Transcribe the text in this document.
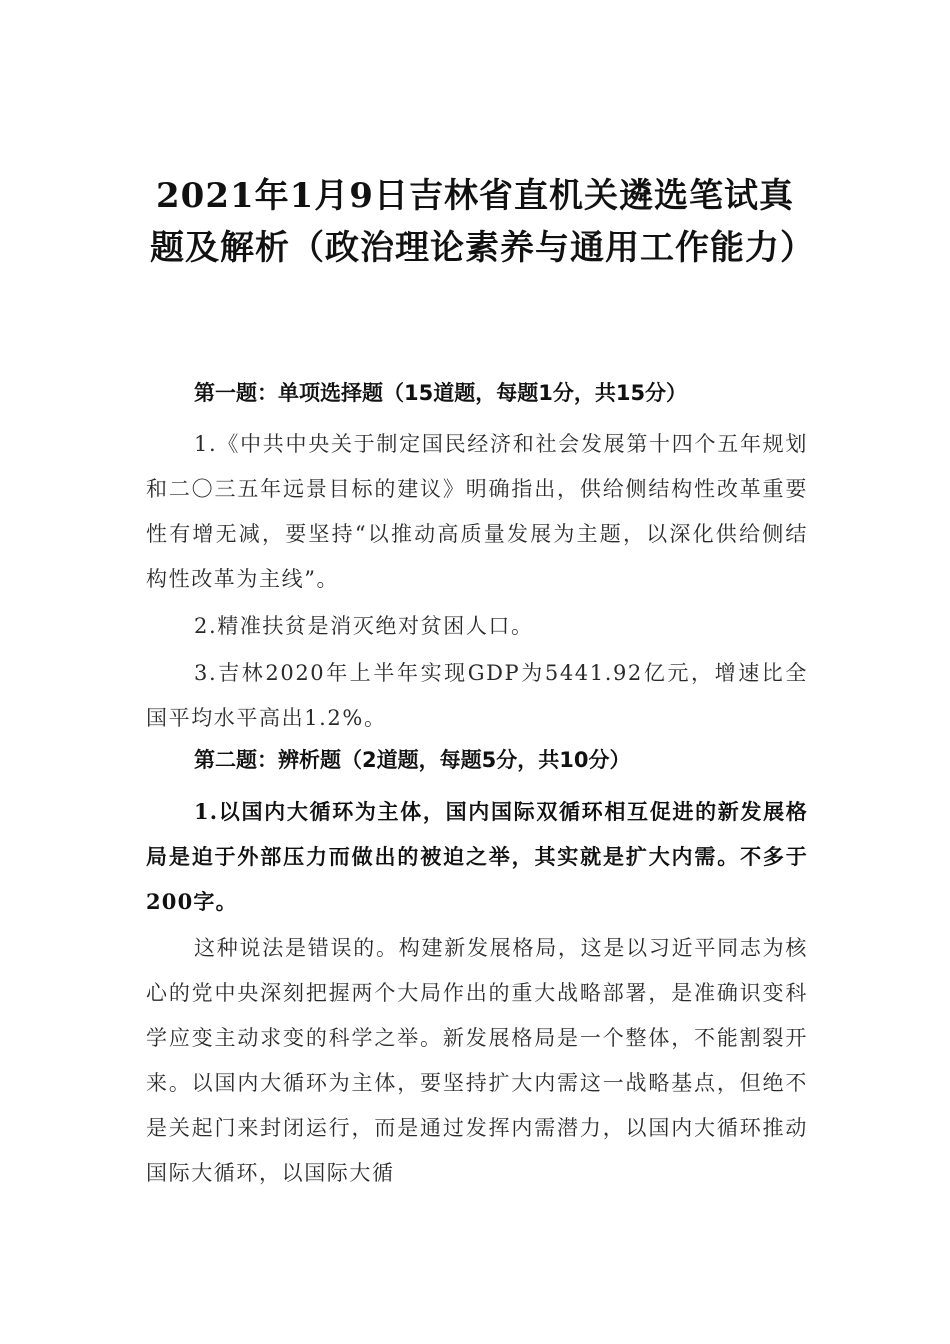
2021年1月9日吉林省直机关遴选笔试真题及解析（政治理论素养与通用工作能力）
第一题：单项选择题（15道题，每题1分，共15分）

1.《中共中央关于制定国民经济和社会发展第十四个五年规划和二〇三五年远景目标的建议》明确指出，供给侧结构性改革重要性有增无减，要坚持“以推动高质量发展为主题，以深化供给侧结构性改革为主线”。

2.精准扶贫是消灭绝对贫困人口。

3.吉林2020年上半年实现GDP为5441.92亿元，增速比全国平均水平高出1.2%。

第二题：辨析题（2道题，每题5分，共10分）

1.以国内大循环为主体，国内国际双循环相互促进的新发展格局是迫于外部压力而做出的被迫之举，其实就是扩大内需。不多于200字。

这种说法是错误的。构建新发展格局，这是以习近平同志为核心的党中央深刻把握两个大局作出的重大战略部署，是准确识变科学应变主动求变的科学之举。新发展格局是一个整体，不能割裂开来。以国内大循环为主体，要坚持扩大内需这一战略基点，但绝不是关起门来封闭运行，而是通过发挥内需潜力，以国内大循环推动国际大循环，以国际大循
